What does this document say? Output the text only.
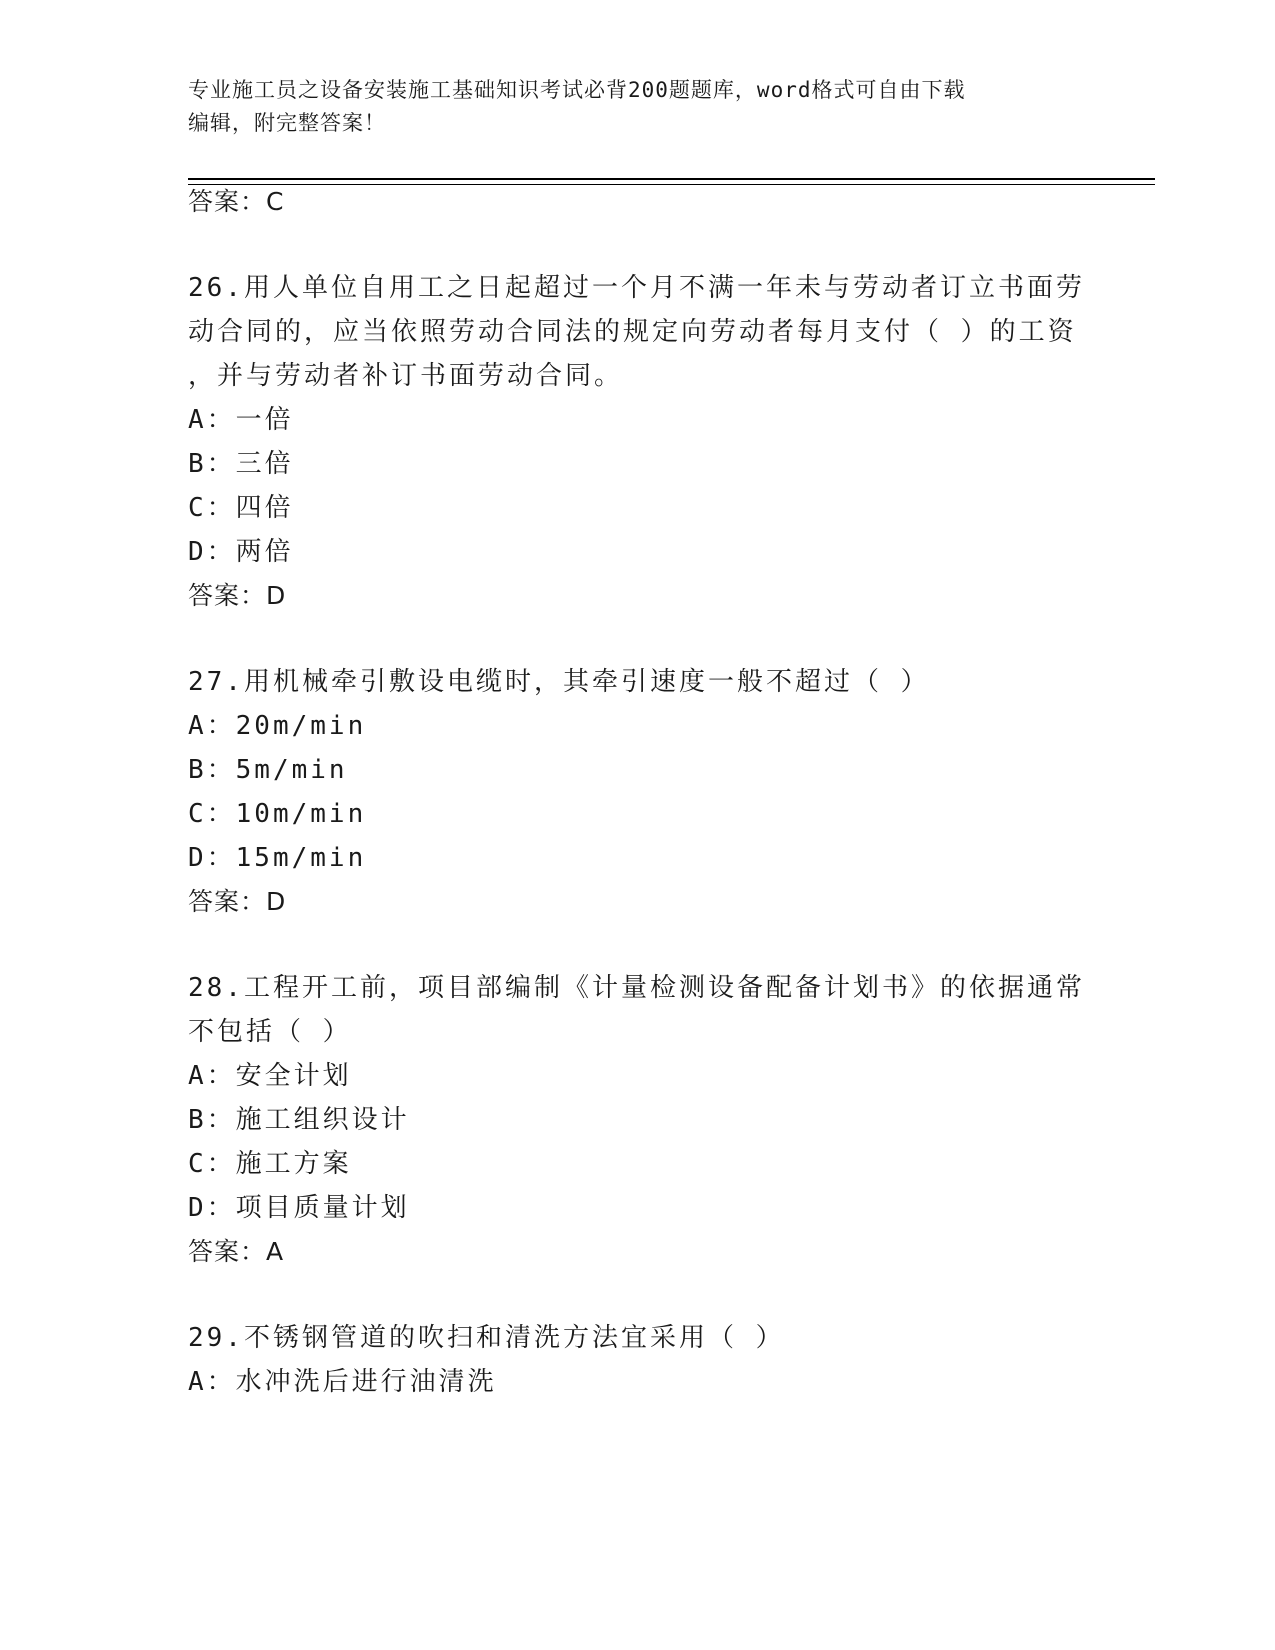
专业施工员之设备安装施工基础知识考试必背200题题库，word格式可自由下载
编辑，附完整答案！
答案：C
26.用人单位自用工之日起超过一个月不满一年未与劳动者订立书面劳
动合同的，应当依照劳动合同法的规定向劳动者每月支付（ ）的工资
，并与劳动者补订书面劳动合同。
A：一倍
B：三倍
C：四倍
D：两倍
答案：D
27.用机械牵引敷设电缆时，其牵引速度一般不超过（ ）
A：20m/min
B：5m/min
C：10m/min
D：15m/min
答案：D
28.工程开工前，项目部编制《计量检测设备配备计划书》的依据通常
不包括（ ）
A：安全计划
B：施工组织设计
C：施工方案
D：项目质量计划
答案：A
29.不锈钢管道的吹扫和清洗方法宜采用（ ）
A：水冲洗后进行油清洗
